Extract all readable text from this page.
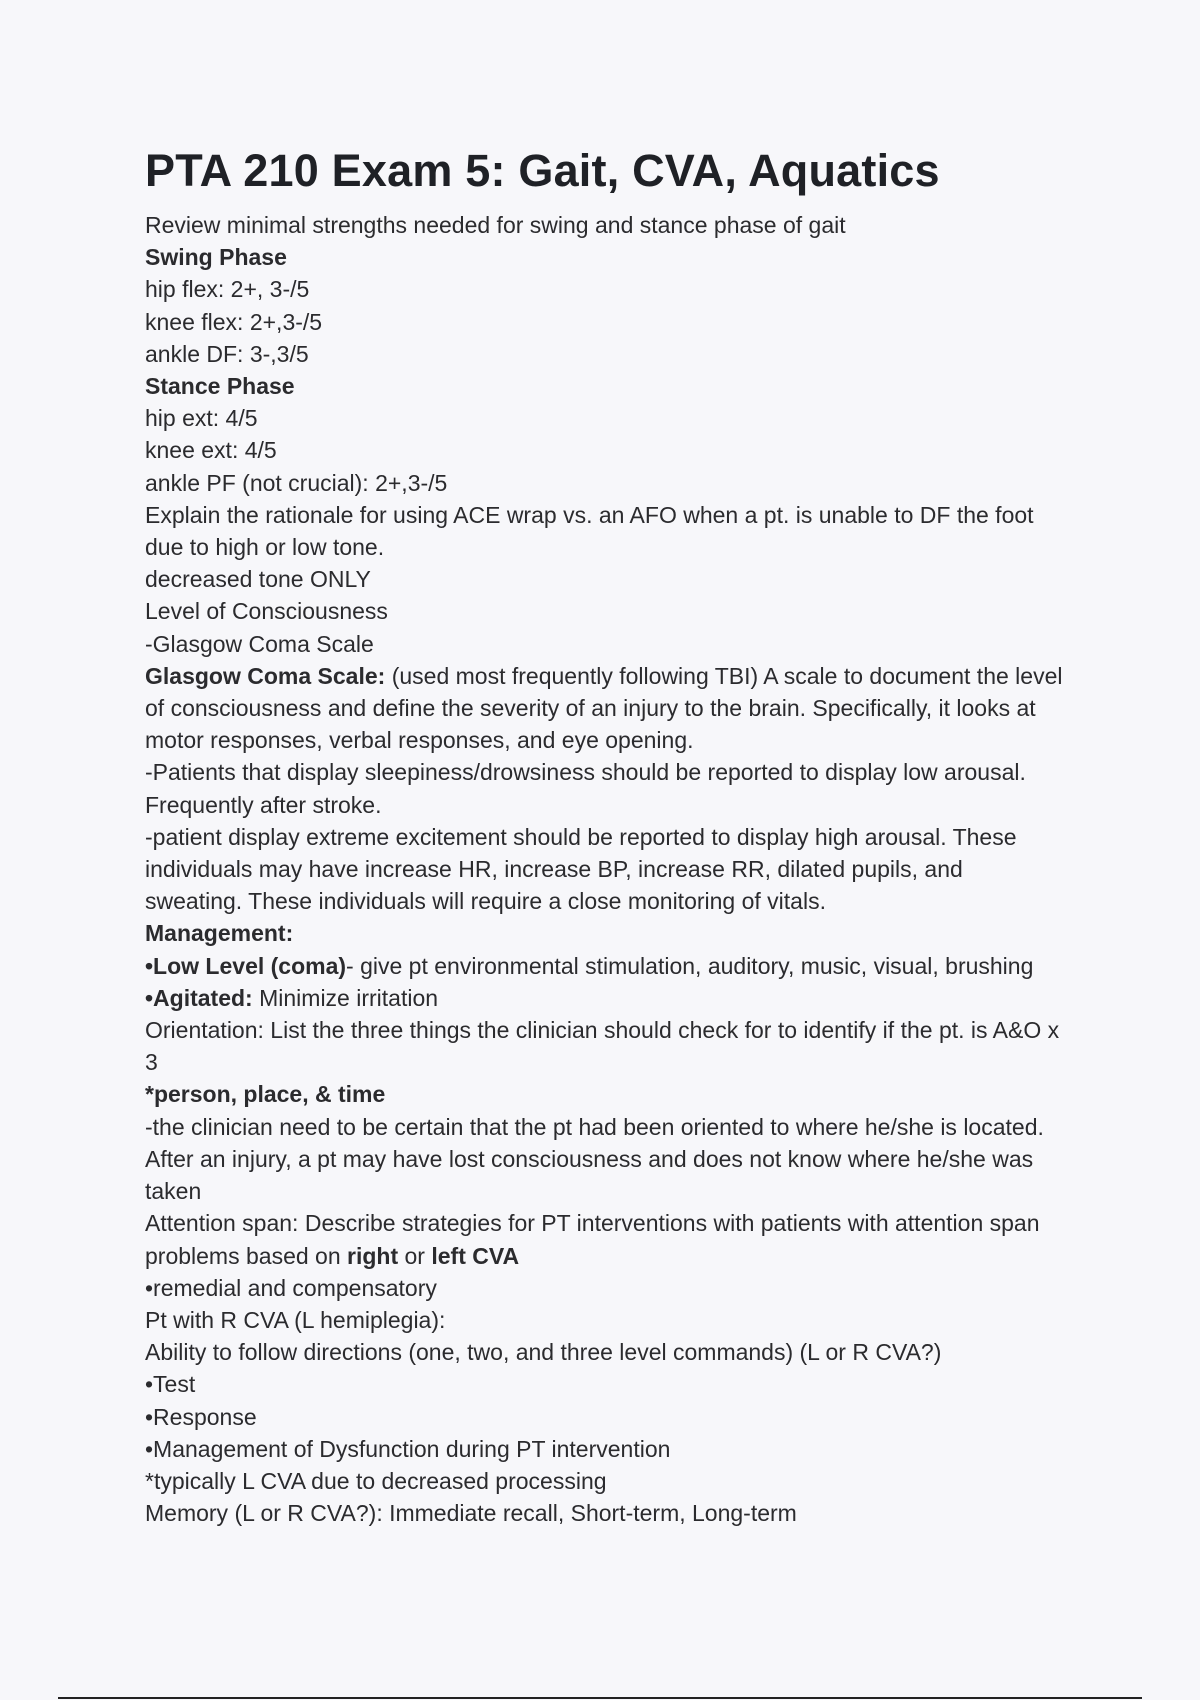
PTA 210 Exam 5: Gait, CVA, Aquatics

Review minimal strengths needed for swing and stance phase of gait

Swing Phase

hip flex: 2+, 3-/5

knee flex: 2+,3-/5

ankle DF: 3-,3/5

Stance Phase

hip ext: 4/5

knee ext: 4/5

ankle PF (not crucial): 2+,3-/5

Explain the rationale for using ACE wrap vs. an AFO when a pt. is unable to DF the foot due to high or low tone.

decreased tone ONLY

Level of Consciousness

-Glasgow Coma Scale

Glasgow Coma Scale: (used most frequently following TBI) A scale to document the level of consciousness and define the severity of an injury to the brain. Specifically, it looks at motor responses, verbal responses, and eye opening.

-Patients that display sleepiness/drowsiness should be reported to display low arousal. Frequently after stroke.

-patient display extreme excitement should be reported to display high arousal. These individuals may have increase HR, increase BP, increase RR, dilated pupils, and sweating. These individuals will require a close monitoring of vitals.

Management:

•Low Level (coma)- give pt environmental stimulation, auditory, music, visual, brushing

•Agitated: Minimize irritation

Orientation: List the three things the clinician should check for to identify if the pt. is A&O x 3

*person, place, & time

-the clinician need to be certain that the pt had been oriented to where he/she is located. After an injury, a pt may have lost consciousness and does not know where he/she was taken

Attention span: Describe strategies for PT interventions with patients with attention span problems based on right or left CVA

•remedial and compensatory

Pt with R CVA (L hemiplegia):

Ability to follow directions (one, two, and three level commands) (L or R CVA?)

•Test

•Response

•Management of Dysfunction during PT intervention

*typically L CVA due to decreased processing

Memory (L or R CVA?): Immediate recall, Short-term, Long-term
